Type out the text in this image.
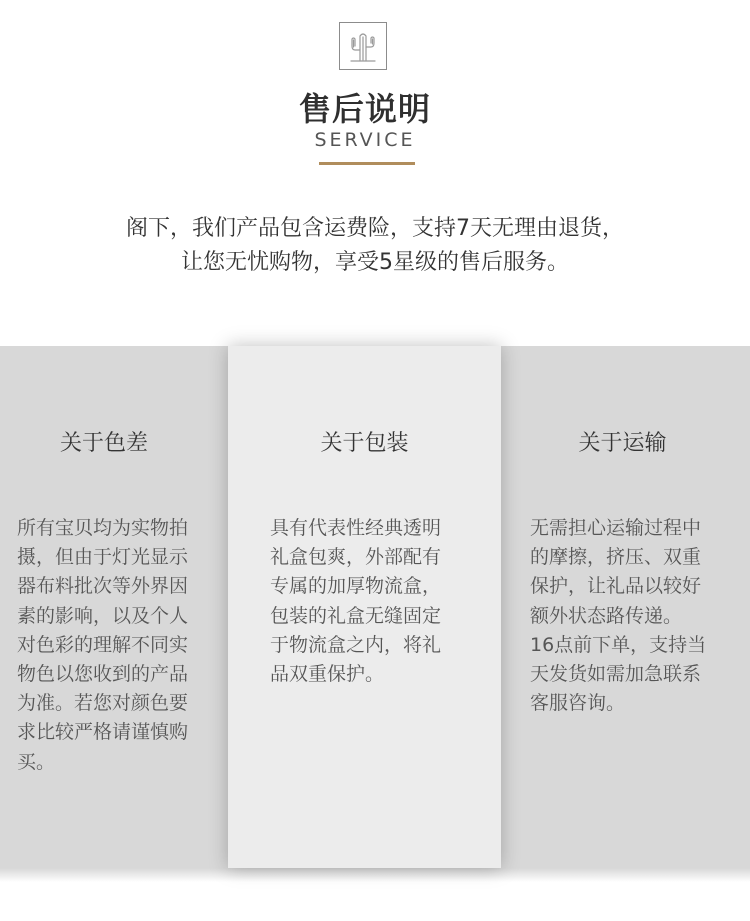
售后说明
SERVICE
阁下，我们产品包含运费险，支持7天无理由退货，
让您无忧购物，享受5星级的售后服务。
关于色差
所有宝贝均为实物拍
摄，但由于灯光显示
器布料批次等外界因
素的影响，以及个人
对色彩的理解不同实
物色以您收到的产品
为准。若您对颜色要
求比较严格请谨慎购
买。
关于包装
具有代表性经典透明
礼盒包爽，外部配有
专属的加厚物流盒，
包装的礼盒无缝固定
于物流盒之内，将礼
品双重保护。
关于运输
无需担心运输过程中
的摩擦，挤压、双重
保护，让礼品以较好
额外状态路传递。
16点前下单，支持当
天发货如需加急联系
客服咨询。
